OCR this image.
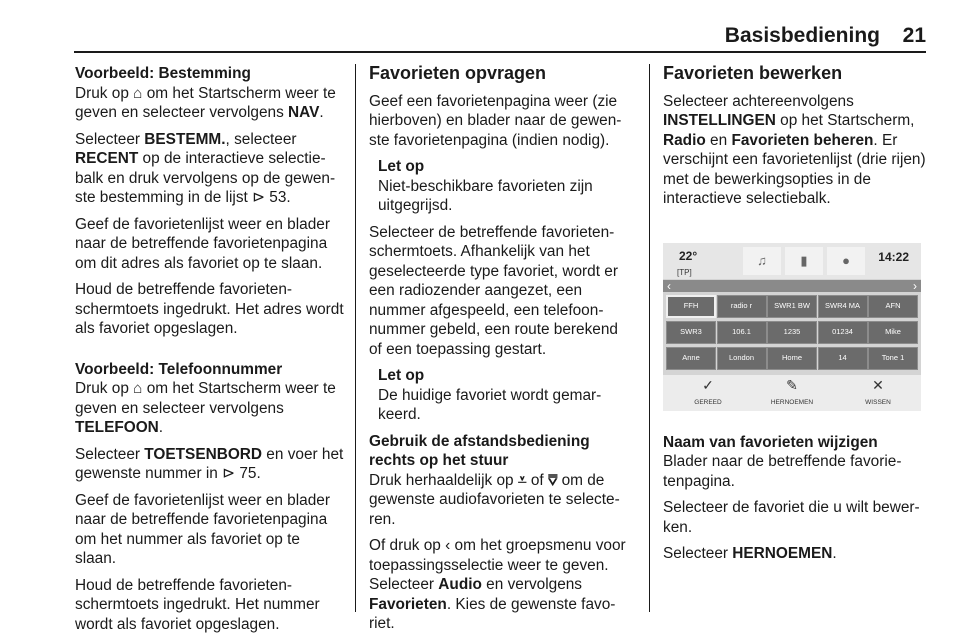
Basisbediening 21
Voorbeeld: Bestemming

Druk op ⌂ om het Startscherm weer te geven en selecteer vervolgens NAV.

Selecteer BESTEMM., selecteer RECENT op de interactieve selectiebalk en druk vervolgens op de gewenste bestemming in de lijst ⊳ 53.

Geef de favorietenlijst weer en blader naar de betreffende favorietenpagina om dit adres als favoriet op te slaan.

Houd de betreffende favorietenschermtoets ingedrukt. Het adres wordt als favoriet opgeslagen.

Voorbeeld: Telefoonnummer

Druk op ⌂ om het Startscherm weer te geven en selecteer vervolgens TELEFOON.

Selecteer TOETSENBORD en voer het gewenste nummer in ⊳ 75.

Geef de favorietenlijst weer en blader naar de betreffende favorietenpagina om het nummer als favoriet op te slaan.

Houd de betreffende favorietenschermtoets ingedrukt. Het nummer wordt als favoriet opgeslagen.

Favorieten opvragen

Geef een favorietenpagina weer (zie hierboven) en blader naar de gewenste favorietenpagina (indien nodig).

Let op
Niet-beschikbare favorieten zijn uitgegrijsd.

Selecteer de betreffende favorietenschermtoets. Afhankelijk van het geselecteerde type favoriet, wordt er een radiozender aangezet, een nummer afgespeeld, een telefoonnummer gebeld, een route berekend of een toepassing gestart.

Let op
De huidige favoriet wordt gemarkeerd.
Gebruik de afstandsbediening rechts op het stuur

Druk herhaaldelijk op ⩡ of ⩢ om de gewenste audiofavorieten te selecteren.

Of druk op ‹ om het groepsmenu voor toepassingsselectie weer te geven. Selecteer Audio en vervolgens Favorieten. Kies de gewenste favoriet.

Favorieten bewerken

Selecteer achtereenvolgens INSTELLINGEN op het Startscherm, Radio en Favorieten beheren. Er verschijnt een favorietenlijst (drie rijen) met de bewerkingsopties in de interactieve selectiebalk.

22°
[TP]
♫	▮	●	14:22
‹	›
FFH	radio r	SWR1 BW	SWR4 MA	AFN
SWR3	106.1	1235	01234	Mike
Anne	London	Home	14	Tone 1
✓
GEREED
✎
HERNOEMEN
✕
WISSEN
Naam van favorieten wijzigen

Blader naar de betreffende favorietenpagina.

Selecteer de favoriet die u wilt bewerken.

Selecteer HERNOEMEN.
